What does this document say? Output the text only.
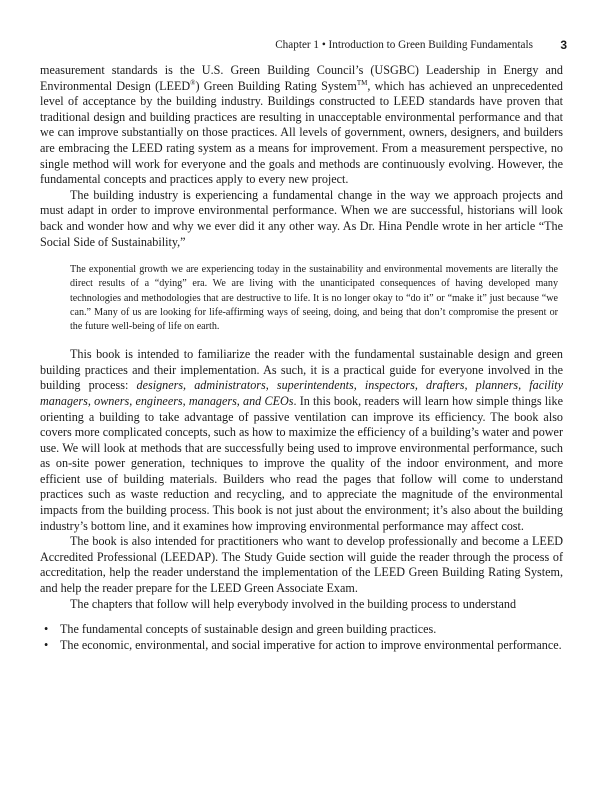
Chapter 1 • Introduction to Green Building Fundamentals 3

measurement standards is the U.S. Green Building Council’s (USGBC) Leadership in Energy and Environmental Design (LEED®) Green Building Rating System™, which has achieved an unprecedented level of acceptance by the building industry. Buildings constructed to LEED standards have proven that traditional design and building practices are resulting in unacceptable environmental performance and that we can improve substantially on those practices. All levels of government, owners, designers, and builders are embracing the LEED rating system as a means for improvement. From a measurement perspective, no single method will work for everyone and the goals and methods are continuously evolving. However, the fundamental concepts and practices apply to every new project.

The building industry is experiencing a fundamental change in the way we approach projects and must adapt in order to improve environmental performance. When we are successful, historians will look back and wonder how and why we ever did it any other way. As Dr. Hina Pendle wrote in her article “The Social Side of Sustainability,”

The exponential growth we are experiencing today in the sustainability and environmental movements are literally the direct results of a “dying” era. We are living with the unanticipated consequences of having developed many technologies and methodologies that are destructive to life. It is no longer okay to “do it” or “make it” just because “we can.” Many of us are looking for life-affirming ways of seeing, doing, and being that don’t compromise the present or the future well-being of life on earth.

This book is intended to familiarize the reader with the fundamental sustainable design and green building practices and their implementation. As such, it is a practical guide for everyone involved in the building process: designers, administrators, superintendents, inspectors, drafters, planners, facility managers, owners, engineers, managers, and CEOs. In this book, readers will learn how simple things like orienting a building to take advantage of passive ventilation can improve its efficiency. The book also covers more complicated concepts, such as how to maximize the efficiency of a building’s water and power use. We will look at methods that are successfully being used to improve environmental performance, such as on-site power generation, techniques to improve the quality of the indoor environment, and more efficient use of building materials. Builders who read the pages that follow will come to understand practices such as waste reduction and recycling, and to appreciate the magnitude of the environmental impacts from the building process. This book is not just about the environment; it’s also about the building industry’s bottom line, and it examines how improving environmental performance may affect cost.

The book is also intended for practitioners who want to develop professionally and become a LEED Accredited Professional (LEEDAP). The Study Guide section will guide the reader through the process of accreditation, help the reader understand the implementation of the LEED Green Building Rating System, and help the reader prepare for the LEED Green Associate Exam.

The chapters that follow will help everybody involved in the building process to understand

• The fundamental concepts of sustainable design and green building practices.
• The economic, environmental, and social imperative for action to improve environmental performance.
